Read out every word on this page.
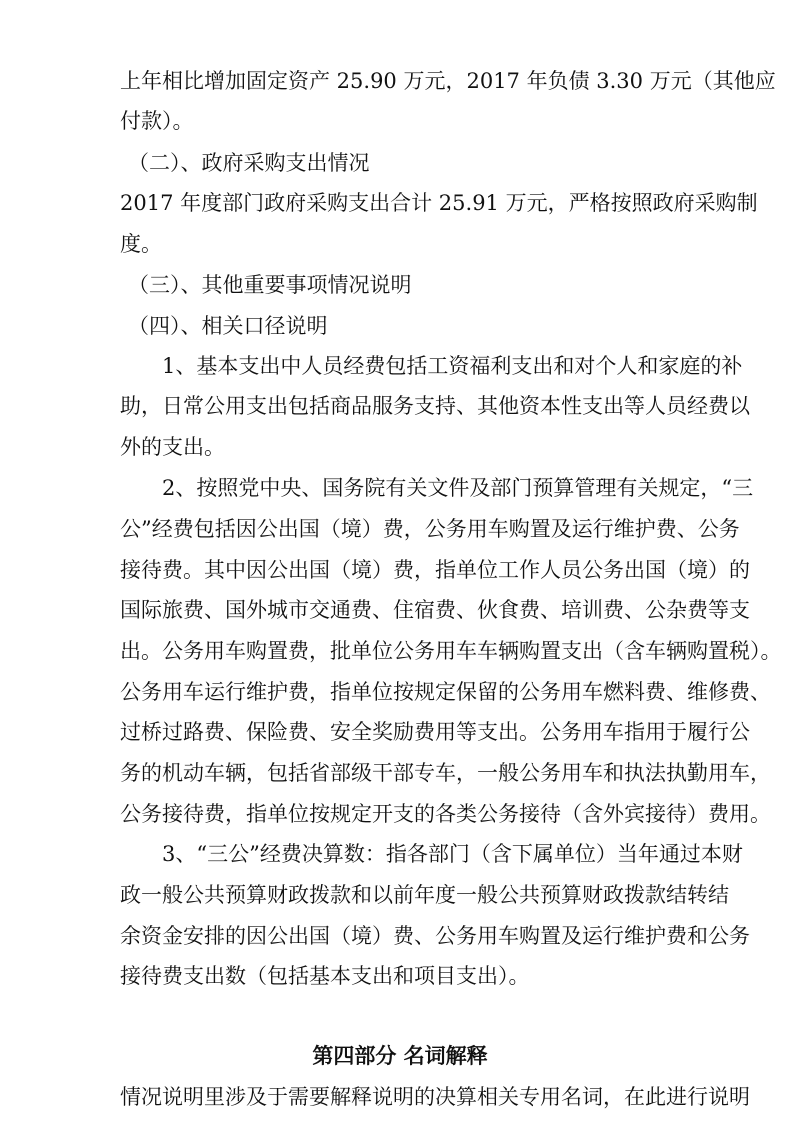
上年相比增加固定资产 25.90 万元，2017 年负债 3.30 万元（其他应
付款）。
（二）、政府采购支出情况
2017 年度部门政府采购支出合计 25.91 万元，严格按照政府采购制
度。
（三）、其他重要事项情况说明
（四）、相关口径说明
1、基本支出中人员经费包括工资福利支出和对个人和家庭的补
助，日常公用支出包括商品服务支持、其他资本性支出等人员经费以
外的支出。
2、按照党中央、国务院有关文件及部门预算管理有关规定，“三
公”经费包括因公出国（境）费，公务用车购置及运行维护费、公务
接待费。其中因公出国（境）费，指单位工作人员公务出国（境）的
国际旅费、国外城市交通费、住宿费、伙食费、培训费、公杂费等支
出。公务用车购置费，批单位公务用车车辆购置支出（含车辆购置税）。
公务用车运行维护费，指单位按规定保留的公务用车燃料费、维修费、
过桥过路费、保险费、安全奖励费用等支出。公务用车指用于履行公
务的机动车辆，包括省部级干部专车，一般公务用车和执法执勤用车，
公务接待费，指单位按规定开支的各类公务接待（含外宾接待）费用。
3、“三公”经费决算数：指各部门（含下属单位）当年通过本财
政一般公共预算财政拨款和以前年度一般公共预算财政拨款结转结
余资金安排的因公出国（境）费、公务用车购置及运行维护费和公务
接待费支出数（包括基本支出和项目支出）。
第四部分 名词解释
情况说明里涉及于需要解释说明的决算相关专用名词，在此进行说明
